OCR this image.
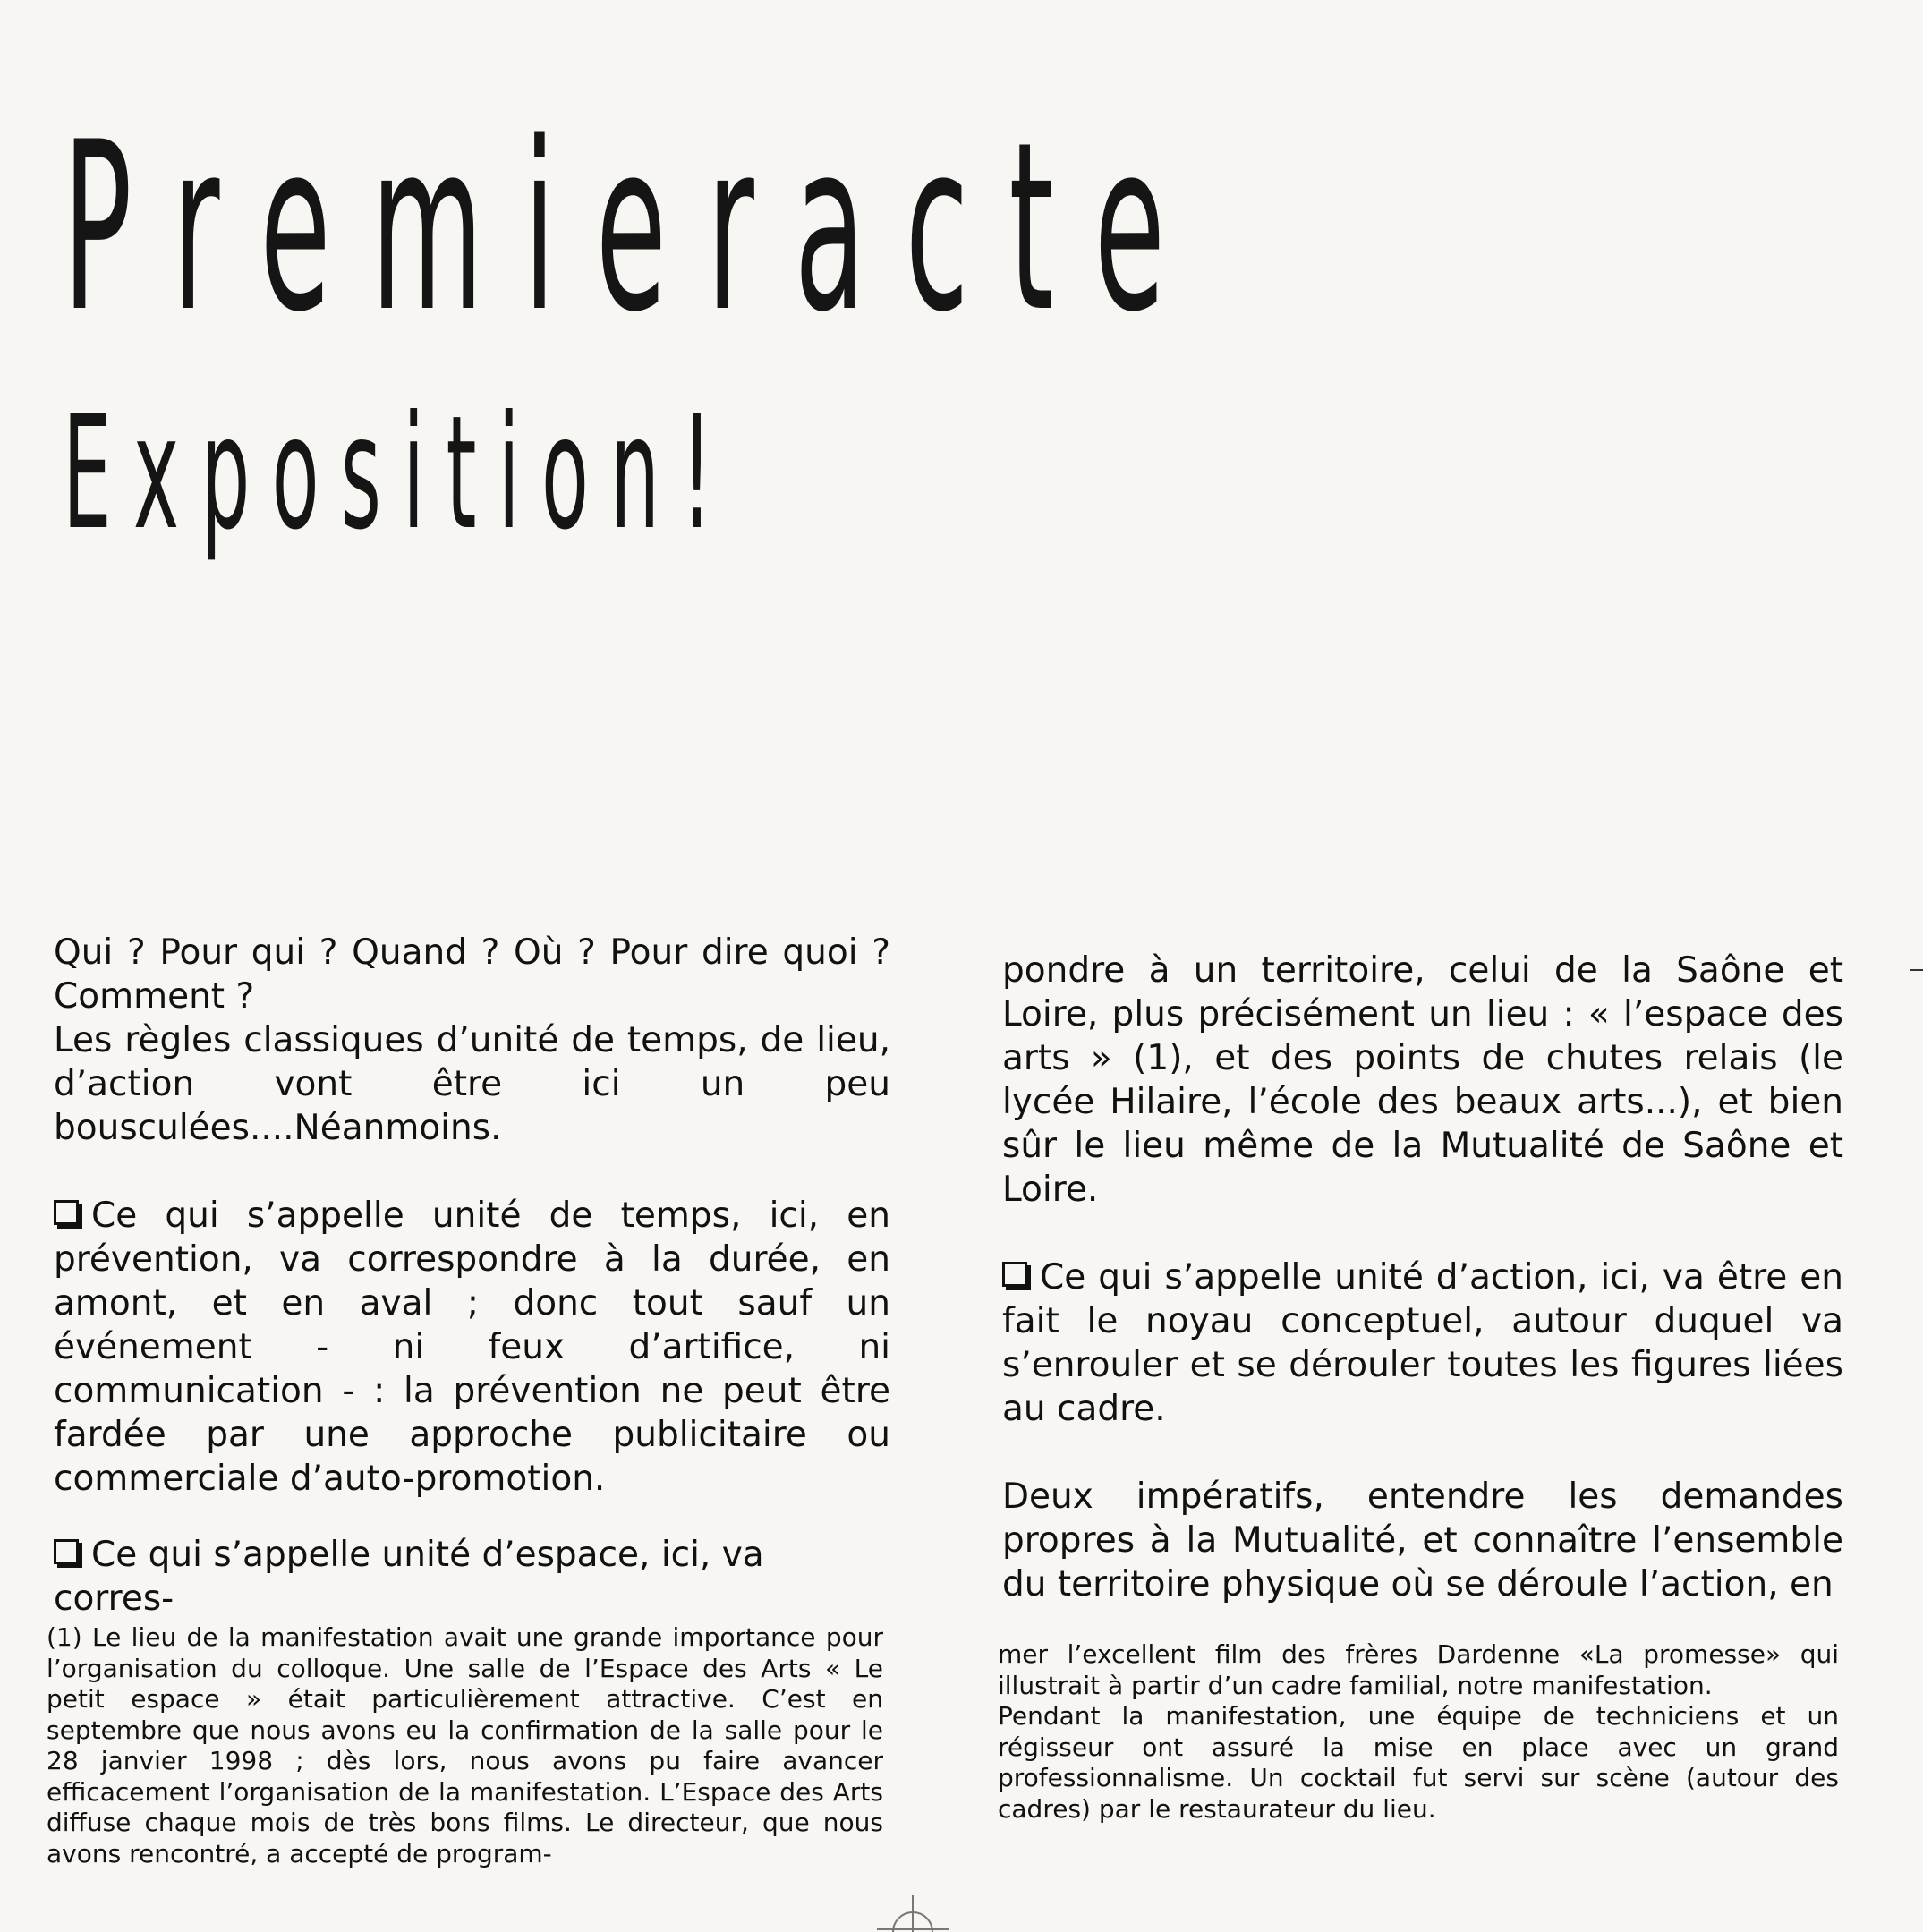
P r e m i e r a c t e
E x p o s i t i o n !

Qui ? Pour qui ? Quand ? Où ? Pour dire quoi ? Comment ?

Les règles classiques d’unité de temps, de lieu, d’action vont être ici un peu bousculées....Néanmoins.

Ce qui s’appelle unité de temps, ici, en prévention, va correspondre à la durée, en amont, et en aval ; donc tout sauf un événement - ni feux d’artifice, ni communication - : la prévention ne peut être fardée par une approche publicitaire ou commerciale d’auto-promotion.

Ce qui s’appelle unité d’espace, ici, va corres-

pondre à un territoire, celui de la Saône et Loire, plus précisément un lieu : « l’espace des arts » (1), et des points de chutes relais (le lycée Hilaire, l’école des beaux arts...), et bien sûr le lieu même de la Mutualité de Saône et Loire.

Ce qui s’appelle unité d’action, ici, va être en fait le noyau conceptuel, autour duquel va s’enrouler et se dérouler toutes les figures liées au cadre.

Deux impératifs, entendre les demandes propres à la Mutualité, et connaître l’ensemble du territoire physique où se déroule l’action, en

(1) Le lieu de la manifestation avait une grande importance pour l’organisation du colloque. Une salle de l’Espace des Arts « Le petit espace » était particulièrement attractive. C’est en septembre que nous avons eu la confirmation de la salle pour le 28 janvier 1998 ; dès lors, nous avons pu faire avancer efficacement l’organisation de la manifestation. L’Espace des Arts diffuse chaque mois de très bons films. Le directeur, que nous avons rencontré, a accepté de program-
mer l’excellent film des frères Dardenne «La promesse» qui illustrait à partir d’un cadre familial, notre manifestation.
Pendant la manifestation, une équipe de techniciens et un régisseur ont assuré la mise en place avec un grand professionnalisme. Un cocktail fut servi sur scène (autour des cadres) par le restaurateur du lieu.
